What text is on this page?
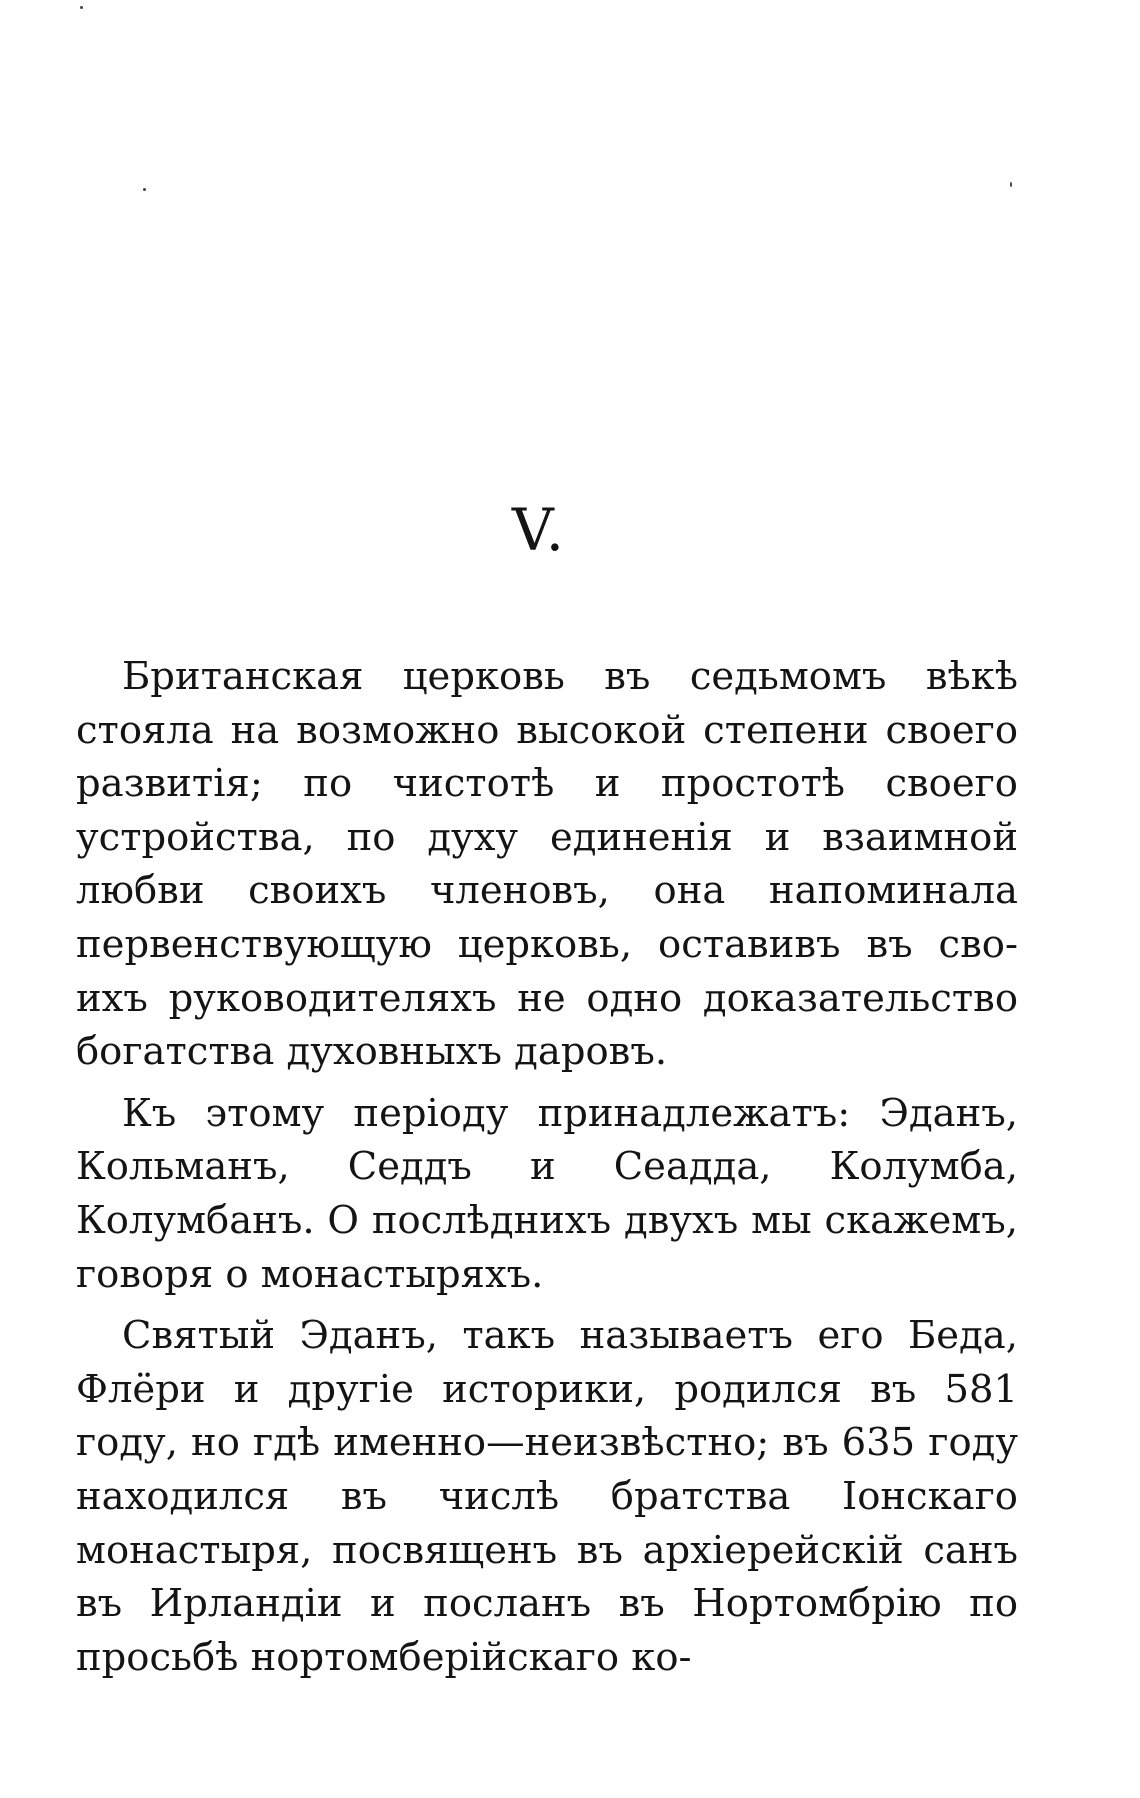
V.

Британская церковь въ седьмомъ вѣкѣ стояла на возможно высокой степени своего развитія; по чистотѣ и простотѣ своего устройства, по духу единенія и взаимной любви своихъ членовъ, она напоминала первенствующую церковь, оставивъ въ своихъ руководителяхъ не одно доказательство богатства духовныхъ даровъ.

Къ этому періоду принадлежатъ: Эданъ, Кольманъ, Седдъ и Сеадда, Колумба, Колумбанъ. О послѣднихъ двухъ мы скажемъ, говоря о монастыряхъ.

Святый Эданъ, такъ называетъ его Беда, Флёри и другіе историки, родился въ 581 году, но гдѣ именно—неизвѣстно; въ 635 году находился въ числѣ братства Іонскаго монастыря, посвященъ въ архіерейскій санъ въ Ирландіи и посланъ въ Нортомбрію по просьбѣ нортомберійскаго ко-
